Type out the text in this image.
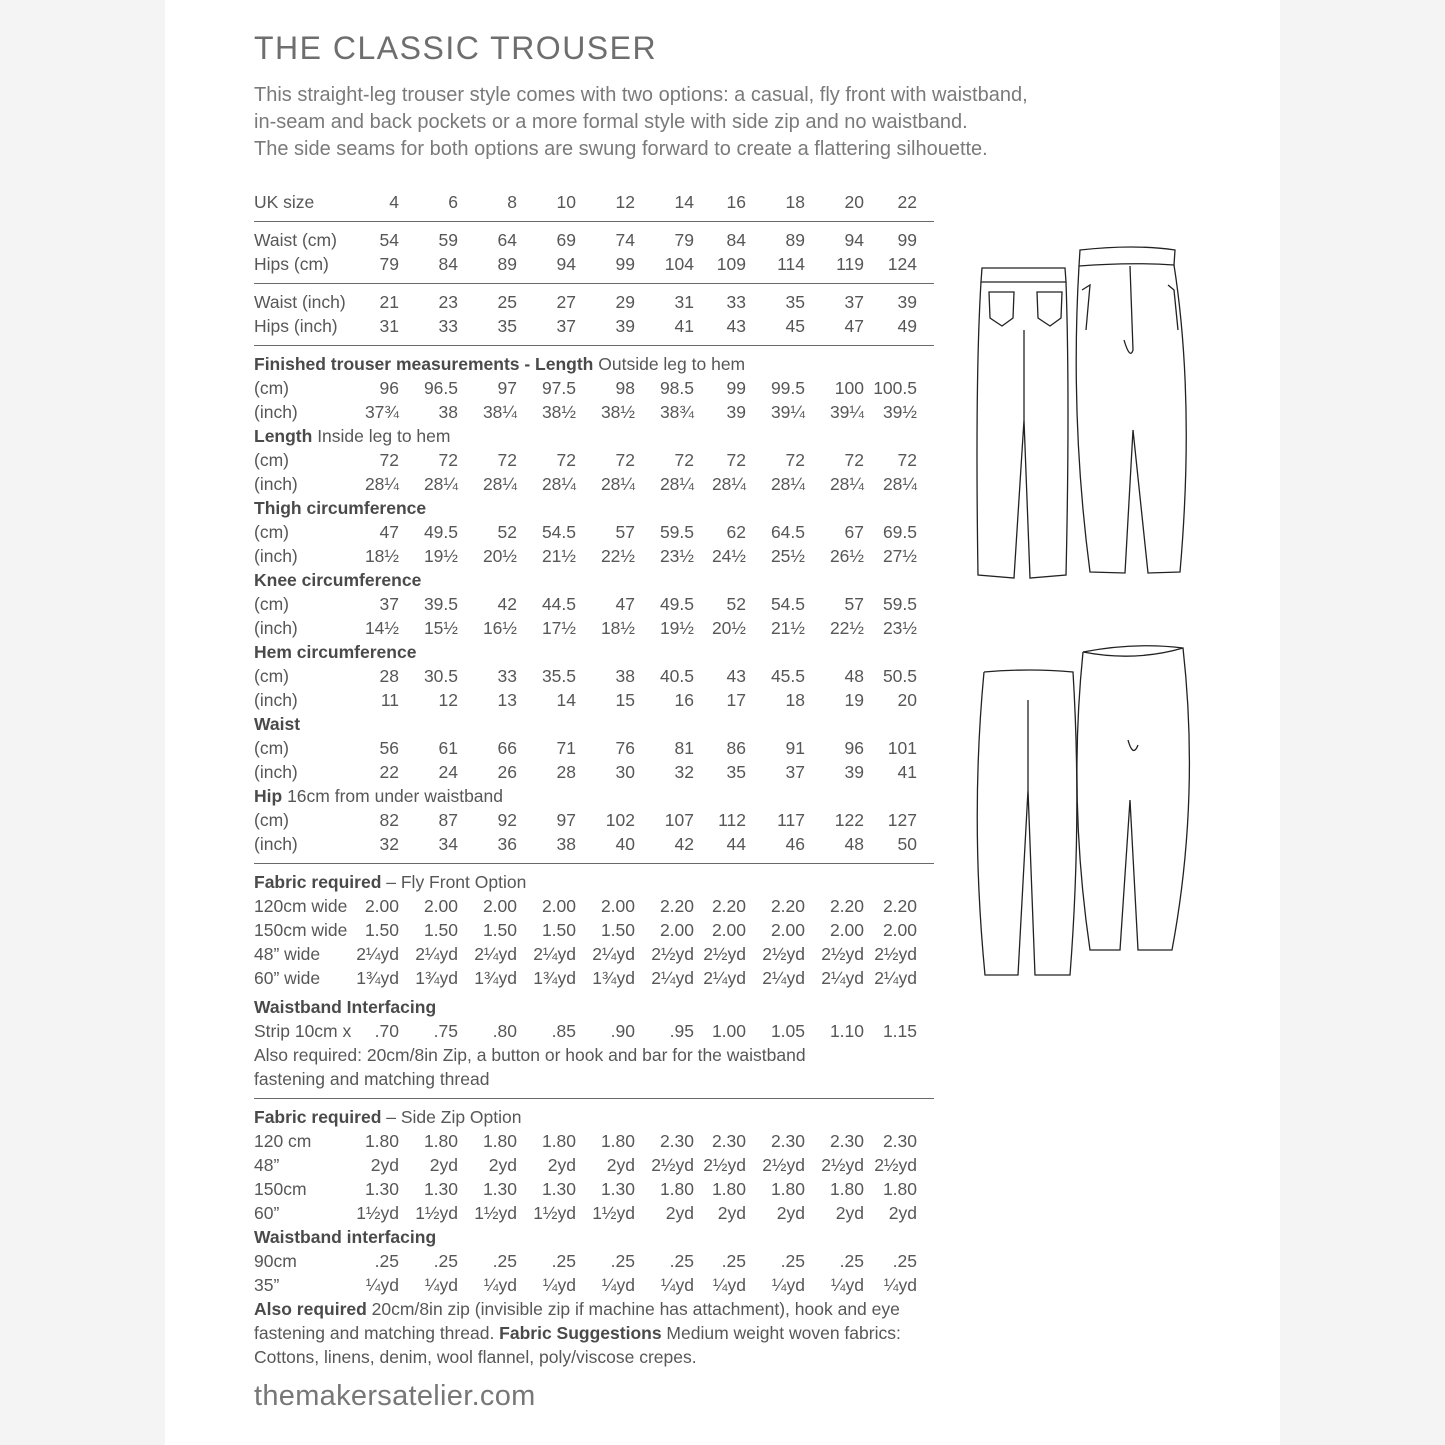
THE CLASSIC TROUSER
This straight-leg trouser style comes with two options: a casual, fly front with waistband,
in-seam and back pockets or a more formal style with side zip and no waistband.
The side seams for both options are swung forward to create a flattering silhouette.
UK size	4	6	8	10	12	14	16	18	20	22
Waist (cm)	54	59	64	69	74	79	84	89	94	99
Hips (cm)	79	84	89	94	99	104	109	114	119	124
Waist (inch)	21	23	25	27	29	31	33	35	37	39
Hips (inch)	31	33	35	37	39	41	43	45	47	49
Finished trouser measurements - Length Outside leg to hem
(cm)	96	96.5	97	97.5	98	98.5	99	99.5	100 100.5
(inch)	37¾	38	38¼	38½	38½	38¾	39	39¼	39¼	39½
Length Inside leg to hem
(cm)	72	72	72	72	72	72	72	72	72	72
(inch)	28¼	28¼	28¼	28¼	28¼	28¼	28¼	28¼	28¼	28¼
Thigh circumference
(cm)	47	49.5	52	54.5	57	59.5	62	64.5	67	69.5
(inch)	18½	19½	20½	21½	22½	23½	24½	25½	26½	27½
Knee circumference
(cm)	37	39.5	42	44.5	47	49.5	52	54.5	57	59.5
(inch)	14½	15½	16½	17½	18½	19½	20½	21½	22½	23½
Hem circumference
(cm)	28	30.5	33	35.5	38	40.5	43	45.5	48	50.5
(inch)	11	12	13	14	15	16	17	18	19	20
Waist
(cm)	56	61	66	71	76	81	86	91	96	101
(inch)	22	24	26	28	30	32	35	37	39	41
Hip 16cm from under waistband
(cm)	82	87	92	97	102	107	112	117	122	127
(inch)	32	34	36	38	40	42	44	46	48	50
Fabric required – Fly Front Option
120cm wide	2.00	2.00	2.00	2.00	2.00	2.20	2.20	2.20	2.20	2.20
150cm wide	1.50	1.50	1.50	1.50	1.50	2.00	2.00	2.00	2.00	2.00
48” wide	2¼yd 2¼yd 2¼yd 2¼yd 2¼yd 2½yd 2½yd 2½yd 2½yd 2½yd
60” wide	1¾yd 1¾yd 1¾yd 1¾yd 1¾yd 2¼yd 2¼yd 2¼yd 2¼yd 2¼yd
Waistband Interfacing
Strip 10cm x	.70	.75	.80	.85	.90	.95	1.00	1.05	1.10	1.15
Also required: 20cm/8in Zip, a button or hook and bar for the waistband fastening and matching thread
Fabric required – Side Zip Option
120 cm	1.80	1.80	1.80	1.80	1.80	2.30	2.30	2.30	2.30	2.30
48”	2yd	2yd	2yd	2yd	2yd 2½yd 2½yd 2½yd 2½yd 2½yd
150cm	1.30	1.30	1.30	1.30	1.30	1.80	1.80	1.80	1.80	1.80
60”	1½yd 1½yd 1½yd 1½yd 1½yd	2yd	2yd	2yd	2yd	2yd
Waistband interfacing
90cm	.25	.25	.25	.25	.25	.25	.25	.25	.25	.25
35”	¼yd	¼yd	¼yd	¼yd	¼yd	¼yd	¼yd	¼yd	¼yd	¼yd
Also required 20cm/8in zip (invisible zip if machine has attachment), hook and eye fastening and matching thread. Fabric Suggestions Medium weight woven fabrics: Cottons, linens, denim, wool flannel, poly/viscose crepes.
themakersatelier.com
